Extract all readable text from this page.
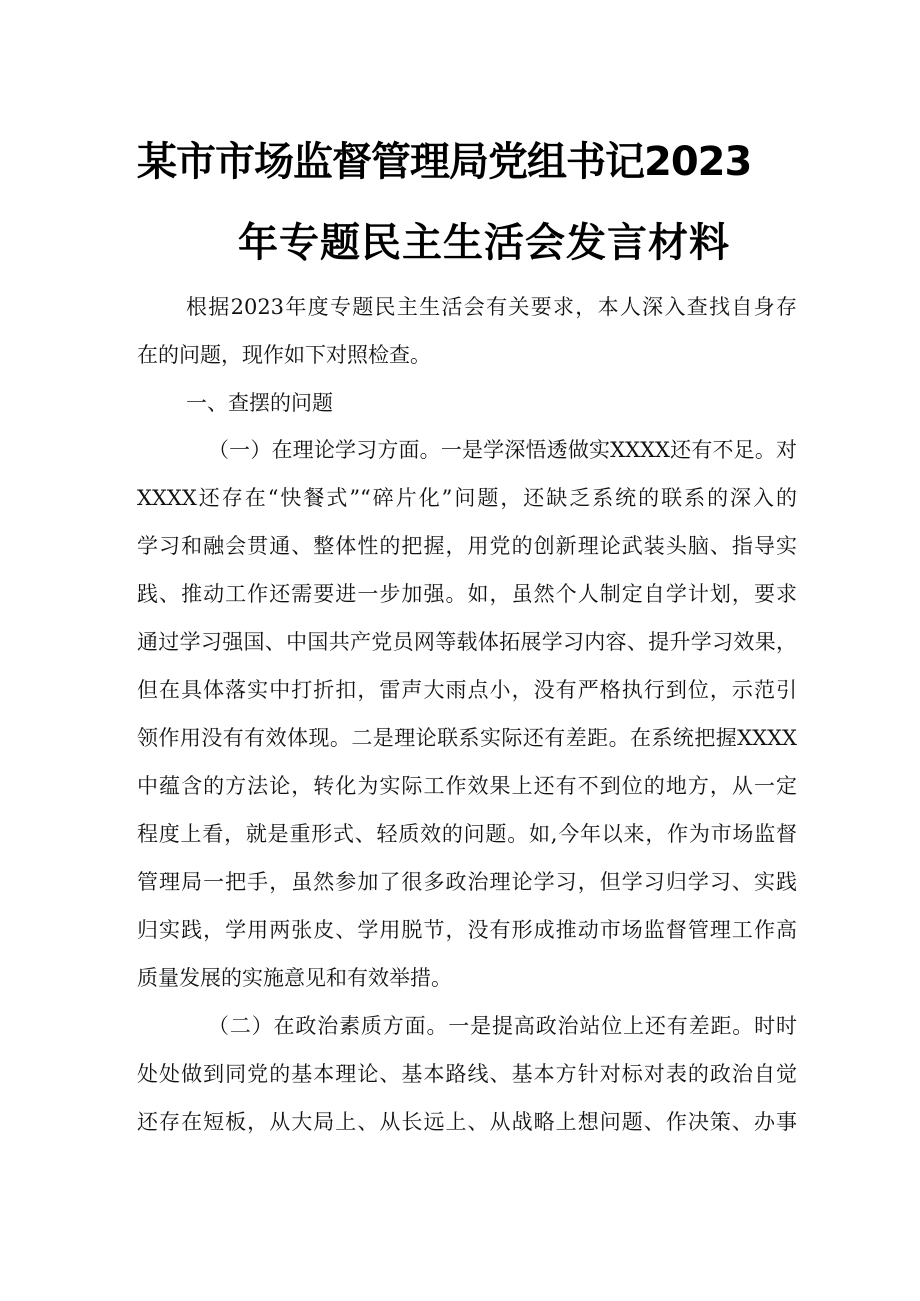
某市市场监督管理局党组书记2023
年专题民主生活会发言材料
根据2023年度专题民主生活会有关要求，本人深入查找自身存
在的问题，现作如下对照检查。
一、查摆的问题
（一）在理论学习方面。一是学深悟透做实XXXX还有不足。对
XXXX还存在“快餐式”“碎片化”问题，还缺乏系统的联系的深入的
学习和融会贯通、整体性的把握，用党的创新理论武装头脑、指导实
践、推动工作还需要进一步加强。如，虽然个人制定自学计划，要求
通过学习强国、中国共产党员网等载体拓展学习内容、提升学习效果，
但在具体落实中打折扣，雷声大雨点小，没有严格执行到位，示范引
领作用没有有效体现。二是理论联系实际还有差距。在系统把握XXXX
中蕴含的方法论，转化为实际工作效果上还有不到位的地方，从一定
程度上看，就是重形式、轻质效的问题。如,今年以来，作为市场监督
管理局一把手，虽然参加了很多政治理论学习，但学习归学习、实践
归实践，学用两张皮、学用脱节，没有形成推动市场监督管理工作高
质量发展的实施意见和有效举措。
（二）在政治素质方面。一是提高政治站位上还有差距。时时
处处做到同党的基本理论、基本路线、基本方针对标对表的政治自觉
还存在短板，从大局上、从长远上、从战略上想问题、作决策、办事
